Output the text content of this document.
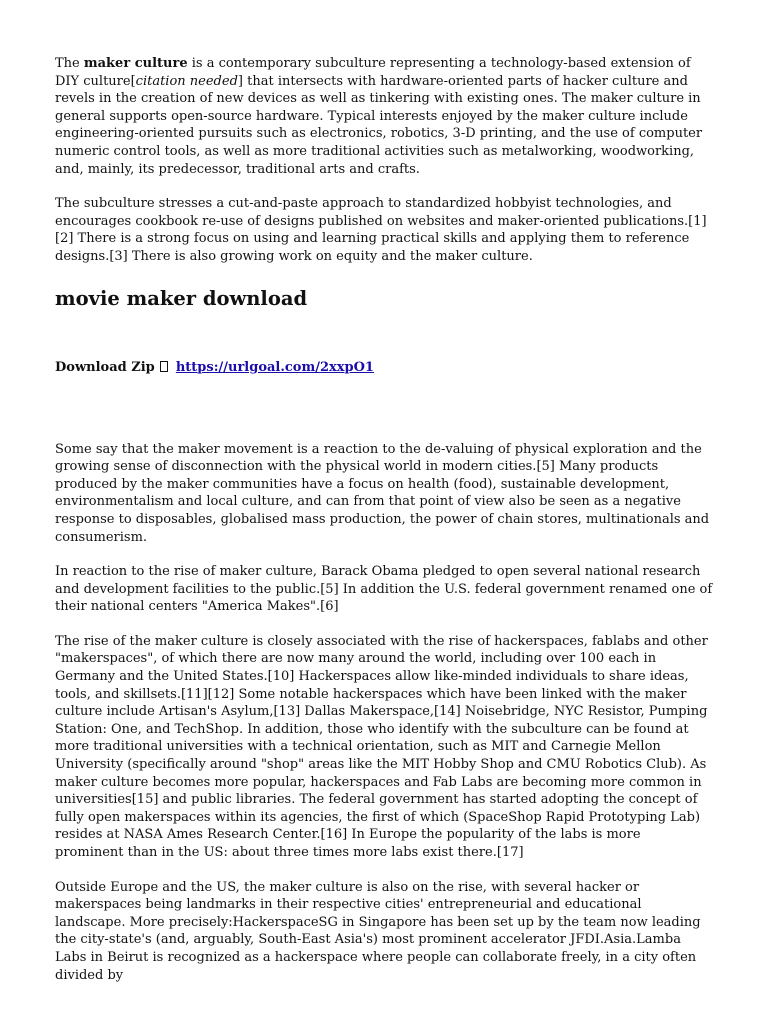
The maker culture is a contemporary subculture representing a technology-based extension of DIY culture[citation needed] that intersects with hardware-oriented parts of hacker culture and revels in the creation of new devices as well as tinkering with existing ones. The maker culture in general supports open-source hardware. Typical interests enjoyed by the maker culture include engineering-oriented pursuits such as electronics, robotics, 3-D printing, and the use of computer numeric control tools, as well as more traditional activities such as metalworking, woodworking, and, mainly, its predecessor, traditional arts and crafts.

The subculture stresses a cut-and-paste approach to standardized hobbyist technologies, and encourages cookbook re-use of designs published on websites and maker-oriented publications.[1][2] There is a strong focus on using and learning practical skills and applying them to reference designs.[3] There is also growing work on equity and the maker culture.

movie maker download
Download Zip https://urlgoal.com/2xxpO1

Some say that the maker movement is a reaction to the de-valuing of physical exploration and the growing sense of disconnection with the physical world in modern cities.[5] Many products produced by the maker communities have a focus on health (food), sustainable development, environmentalism and local culture, and can from that point of view also be seen as a negative response to disposables, globalised mass production, the power of chain stores, multinationals and consumerism.

In reaction to the rise of maker culture, Barack Obama pledged to open several national research and development facilities to the public.[5] In addition the U.S. federal government renamed one of their national centers "America Makes".[6]

The rise of the maker culture is closely associated with the rise of hackerspaces, fablabs and other "makerspaces", of which there are now many around the world, including over 100 each in Germany and the United States.[10] Hackerspaces allow like-minded individuals to share ideas, tools, and skillsets.[11][12] Some notable hackerspaces which have been linked with the maker culture include Artisan's Asylum,[13] Dallas Makerspace,[14] Noisebridge, NYC Resistor, Pumping Station: One, and TechShop. In addition, those who identify with the subculture can be found at more traditional universities with a technical orientation, such as MIT and Carnegie Mellon University (specifically around "shop" areas like the MIT Hobby Shop and CMU Robotics Club). As maker culture becomes more popular, hackerspaces and Fab Labs are becoming more common in universities[15] and public libraries. The federal government has started adopting the concept of fully open makerspaces within its agencies, the first of which (SpaceShop Rapid Prototyping Lab) resides at NASA Ames Research Center.[16] In Europe the popularity of the labs is more prominent than in the US: about three times more labs exist there.[17]

Outside Europe and the US, the maker culture is also on the rise, with several hacker or makerspaces being landmarks in their respective cities' entrepreneurial and educational landscape. More precisely:HackerspaceSG in Singapore has been set up by the team now leading the city-state's (and, arguably, South-East Asia's) most prominent accelerator JFDI.Asia.Lamba Labs in Beirut is recognized as a hackerspace where people can collaborate freely, in a city often divided by
